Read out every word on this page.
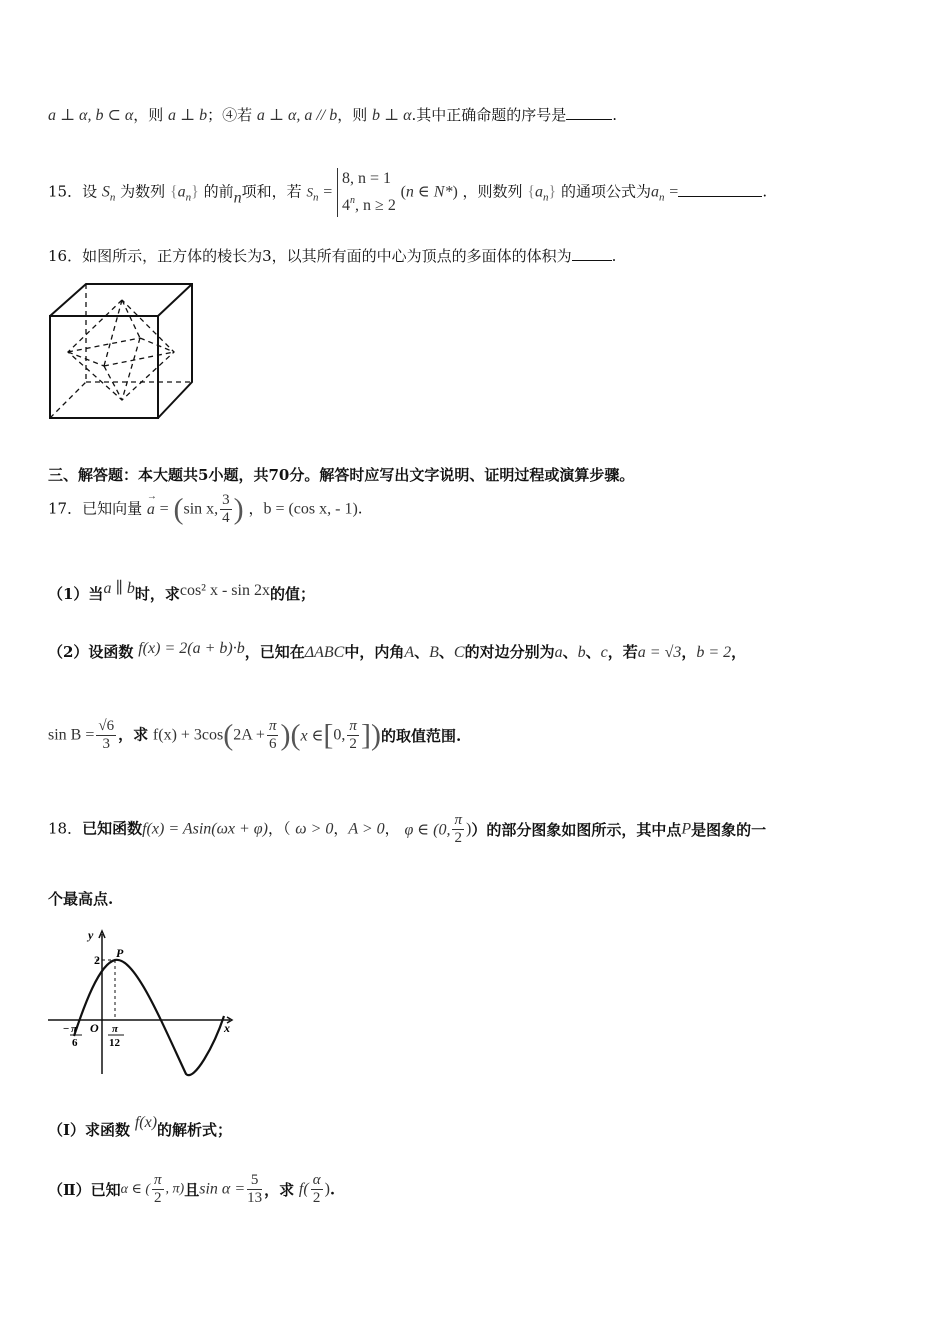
a ⊥ α, b ⊂ α，则 a ⊥ b；④若 a ⊥ α, a // b，则 b ⊥ α.其中正确命题的序号是	.
15．设 $S_n$ 为数列 $\{a_n\}$ 的前n项和，若 $S_n$ =
8, n = 1
4$^n$, n ≥ 2
(n ∈ N*) ，则数列 $\{a_n\}$ 的通项公式为$a_n$ =	.
16．如图所示，正方体的棱长为3，以其所有面的中心为顶点的多面体的体积为	.
三、解答题：本大题共5小题，共70分。解答时应写出文字说明、证明过程或演算步骤。
17．已知向量 a
→
= (sin x, $\frac{3}{4}$ ) ，b = (cos x, - 1).
（1）当a ∥ b时，求cos² x - sin 2x的值；
（2）设函数 f(x) = 2(a + b)·b，已知在ΔABC中，内角A、B、C的对边分别为a、b、c，若a = √3，b = 2，
$\sin B = \frac{√6}{3}$ ，求 $f(x) + 3\cos(2A + \frac{\pi}{6} )(x$ ∈[0, $\frac{\pi}{2}$ ])的取值范围.
18．已知函数f(x) = Asin(ωx + φ)，（ ω > 0，A > 0， φ ∈ (0, $\frac{\pi}{2}$ )）的部分图象如图所示，其中点P是图象的一
个最高点.
y
x
P
2
O
− π
6
π
12
（Ⅰ）求函数 f(x)的解析式；
（Ⅱ）已知α ∈ ( $\frac{\pi}{2}$ , π)且$\sin \alpha = \frac{5}{13}$ ，求 $f( \frac{\alpha}{2}$ ).
